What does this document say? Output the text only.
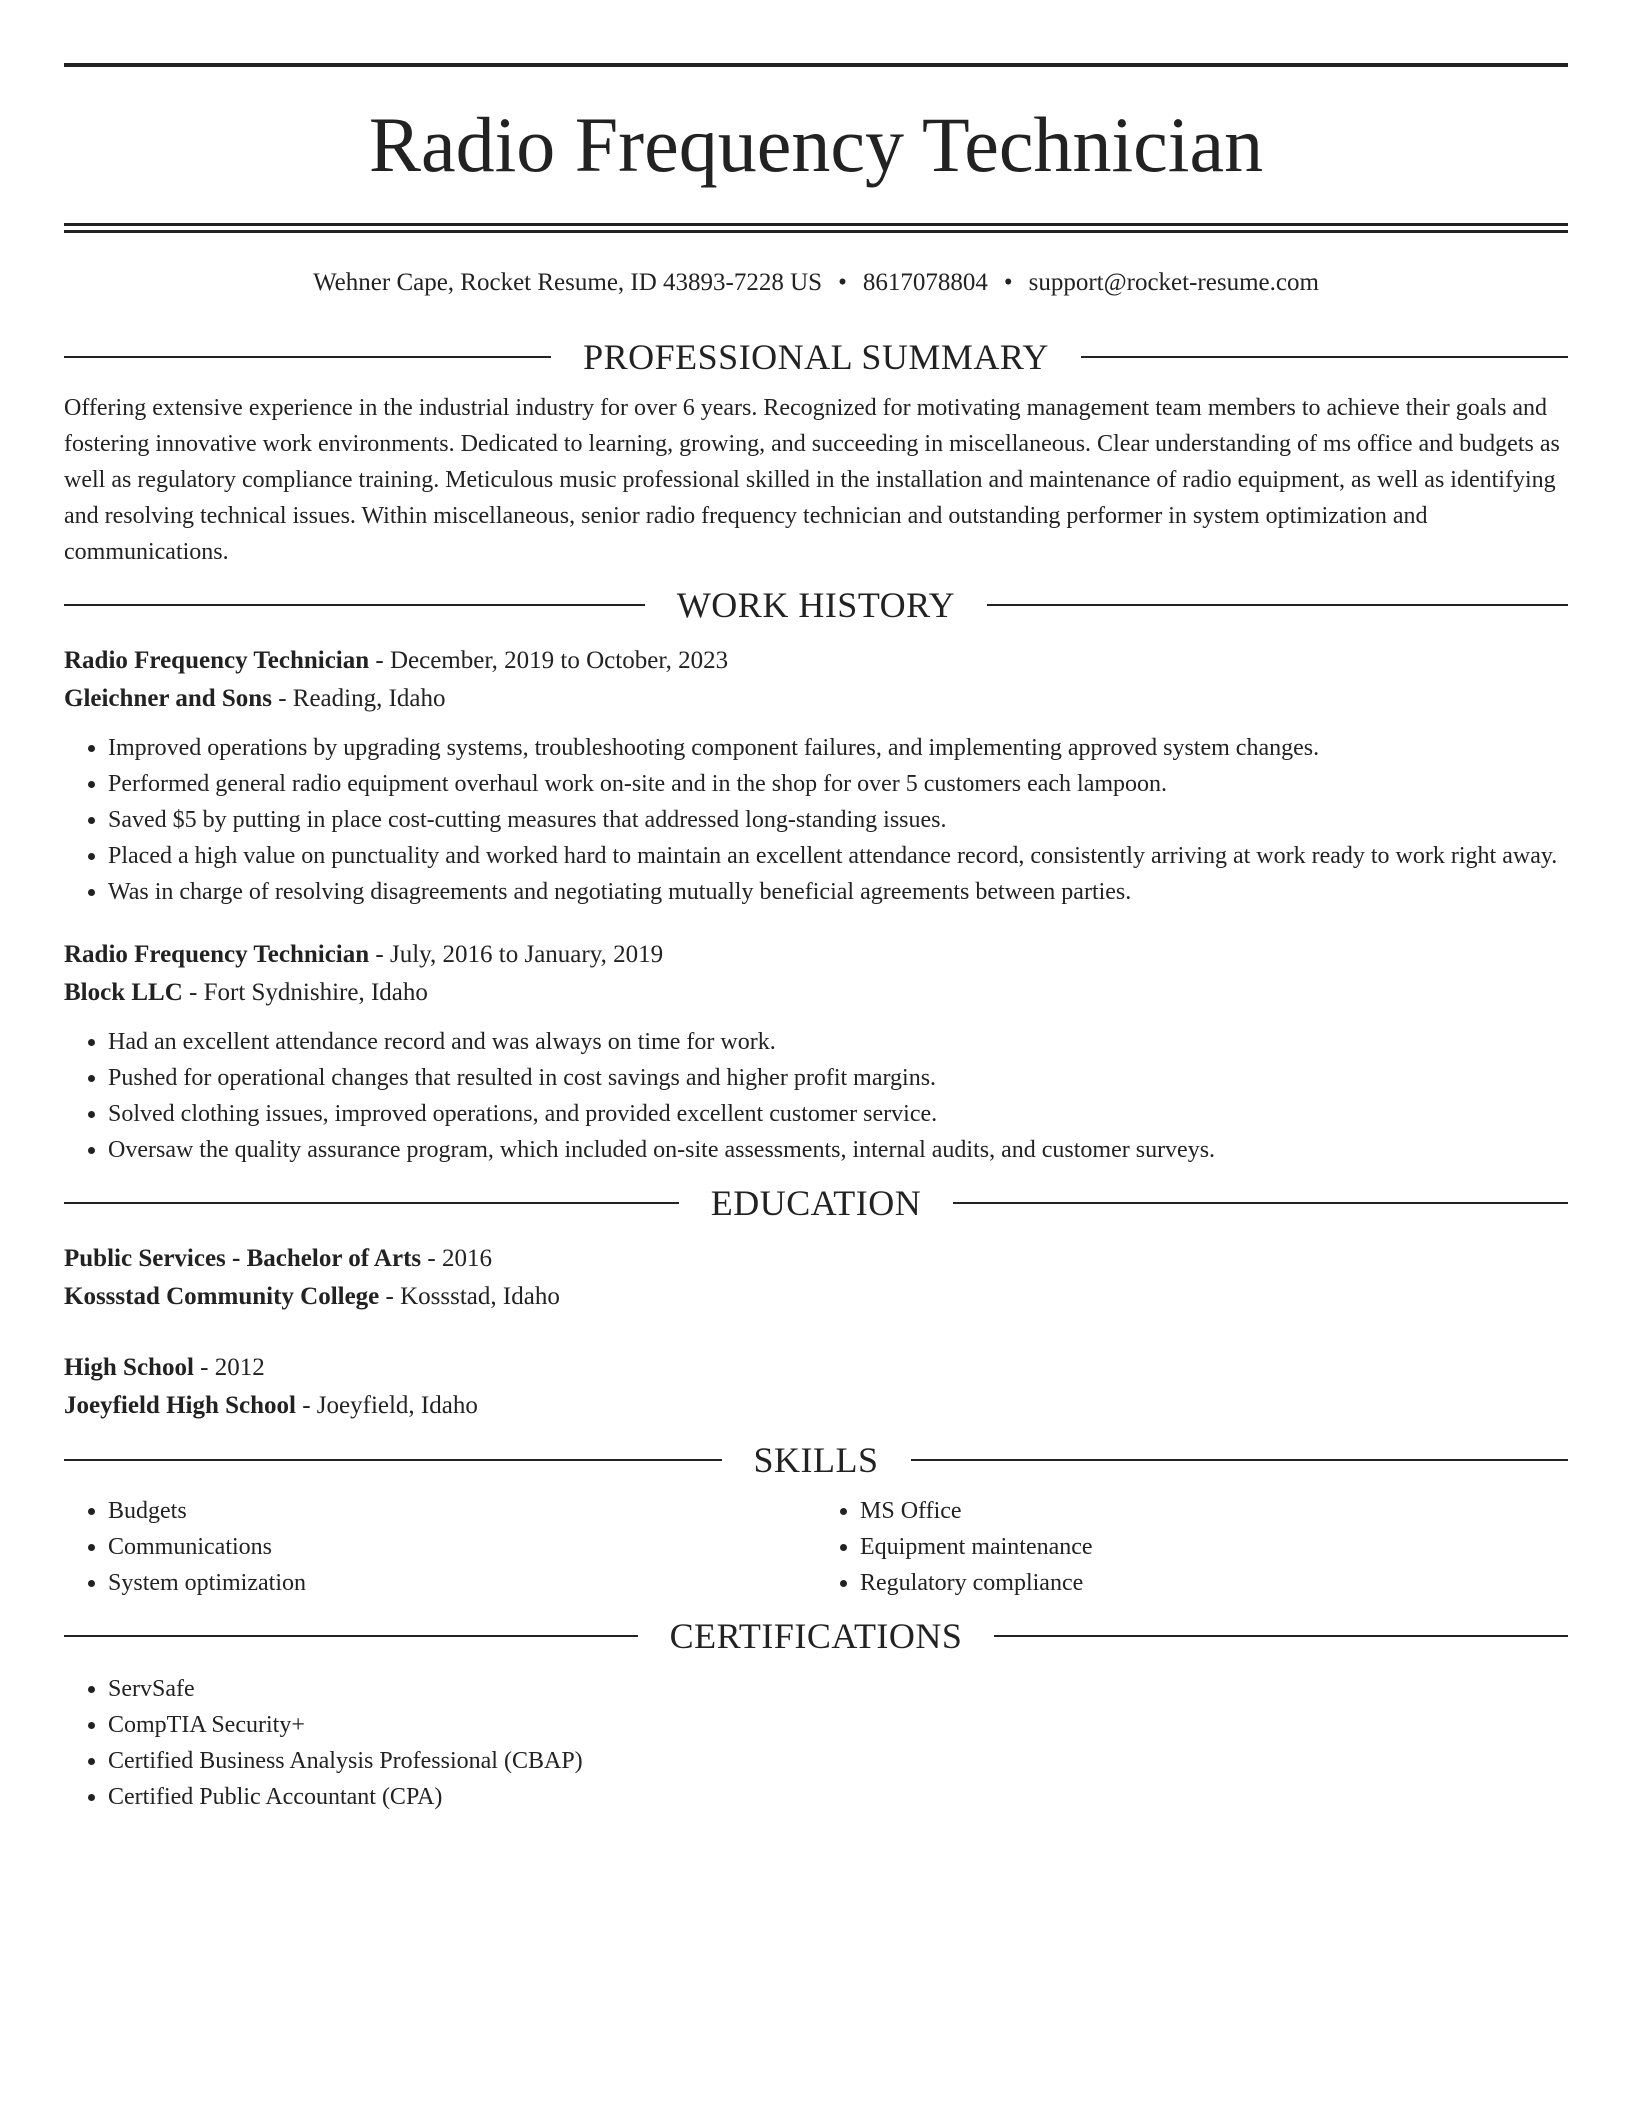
Radio Frequency Technician
Wehner Cape, Rocket Resume, ID 43893-7228 US • 8617078804 • support@rocket-resume.com
PROFESSIONAL SUMMARY

Offering extensive experience in the industrial industry for over 6 years. Recognized for motivating management team members to achieve their goals and fostering innovative work environments. Dedicated to learning, growing, and succeeding in miscellaneous. Clear understanding of ms office and budgets as well as regulatory compliance training. Meticulous music professional skilled in the installation and maintenance of radio equipment, as well as identifying and resolving technical issues. Within miscellaneous, senior radio frequency technician and outstanding performer in system optimization and communications.

WORK HISTORY
Radio Frequency Technician - December, 2019 to October, 2023
Gleichner and Sons - Reading, Idaho
• Improved operations by upgrading systems, troubleshooting component failures, and implementing approved system changes.
• Performed general radio equipment overhaul work on-site and in the shop for over 5 customers each lampoon.
• Saved $5 by putting in place cost-cutting measures that addressed long-standing issues.
• Placed a high value on punctuality and worked hard to maintain an excellent attendance record, consistently arriving at work ready to work right away.
• Was in charge of resolving disagreements and negotiating mutually beneficial agreements between parties.
Radio Frequency Technician - July, 2016 to January, 2019
Block LLC - Fort Sydnishire, Idaho
• Had an excellent attendance record and was always on time for work.
• Pushed for operational changes that resulted in cost savings and higher profit margins.
• Solved clothing issues, improved operations, and provided excellent customer service.
• Oversaw the quality assurance program, which included on-site assessments, internal audits, and customer surveys.
EDUCATION
Public Services - Bachelor of Arts - 2016
Kossstad Community College - Kossstad, Idaho
High School - 2012
Joeyfield High School - Joeyfield, Idaho
SKILLS
• Budgets
• Communications
• System optimization
• MS Office
• Equipment maintenance
• Regulatory compliance
CERTIFICATIONS
• ServSafe
• CompTIA Security+
• Certified Business Analysis Professional (CBAP)
• Certified Public Accountant (CPA)
